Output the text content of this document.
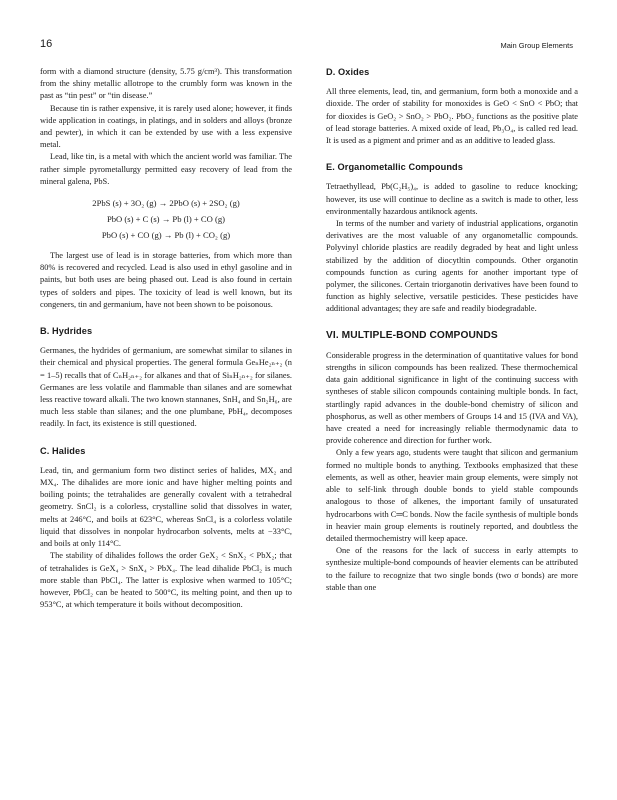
16	Main Group Elements

form with a diamond structure (density, 5.75 g/cm³). This transformation from the shiny metallic allotrope to the crumbly form was known in the past as “tin pest” or “tin disease.”

Because tin is rather expensive, it is rarely used alone; however, it finds wide application in coatings, in platings, and in solders and alloys (bronze and pewter), in which it can be extended by use with a less expensive metal.

Lead, like tin, is a metal with which the ancient world was familiar. The rather simple pyrometallurgy permitted easy recovery of lead from the mineral galena, PbS.

2PbS (s) + 3O₂ (g) → 2PbO (s) + 2SO₂ (g)

PbO (s) + C (s) → Pb (l) + CO (g)

PbO (s) + CO (g) → Pb (l) + CO₂ (g)

The largest use of lead is in storage batteries, from which more than 80% is recovered and recycled. Lead is also used in ethyl gasoline and in paints, but both uses are being phased out. Lead is also found in certain types of solders and pipes. The toxicity of lead is well known, but its congeners, tin and germanium, have not been shown to be poisonous.

B. Hydrides

Germanes, the hydrides of germanium, are somewhat similar to silanes in their chemical and physical properties. The general formula GeₙHe₂ₙ₊₂ (n = 1–5) recalls that of CₙH₂ₙ₊₂ for alkanes and that of SiₙH₂ₙ₊₂ for silanes. Germanes are less volatile and flammable than silanes and are somewhat less reactive toward alkali. The two known stannanes, SnH₄ and Sn₂H₆, are much less stable than silanes; and the one plumbane, PbH₄, decomposes readily. In fact, its existence is still questioned.

C. Halides

Lead, tin, and germanium form two distinct series of halides, MX₂ and MX₄. The dihalides are more ionic and have higher melting points and boiling points; the tetrahalides are generally covalent with a tetrahedral geometry. SnCl₂ is a colorless, crystalline solid that dissolves in water, melts at 246°C, and boils at 623°C, whereas SnCl₄ is a colorless volatile liquid that dissolves in nonpolar hydrocarbon solvents, melts at −33°C, and boils at only 114°C.

The stability of dihalides follows the order GeX₂ < SnX₂ < PbX₂; that of tetrahalides is GeX₄ > SnX₄ > PbX₄. The lead dihalide PbCl₂ is much more stable than PbCl₄. The latter is explosive when warmed to 105°C; however, PbCl₂ can be heated to 500°C, its melting point, and then up to 953°C, at which temperature it boils without decomposition.

D. Oxides

All three elements, lead, tin, and germanium, form both a monoxide and a dioxide. The order of stability for monoxides is GeO < SnO < PbO; that for dioxides is GeO₂ > SnO₂ > PbO₂. PbO₂ functions as the positive plate of lead storage batteries. A mixed oxide of lead, Pb₃O₄, is called red lead. It is used as a pigment and primer and as an additive to leaded glass.

E. Organometallic Compounds

Tetraethyllead, Pb(C₂H₅)₄, is added to gasoline to reduce knocking; however, its use will continue to decline as a switch is made to other, less environmentally hazardous antiknock agents.

In terms of the number and variety of industrial applications, organotin derivatives are the most valuable of any organometallic compounds. Polyvinyl chloride plastics are readily degraded by heat and light unless stabilized by the addition of diocytltin compounds. Other organotin compounds function as curing agents for another important type of polymer, the silicones. Certain triorganotin derivatives have been found to function as highly selective, versatile pesticides. These pesticides have additional advantages; they are safe and readily biodegradable.

VI. MULTIPLE-BOND COMPOUNDS

Considerable progress in the determination of quantitative values for bond strengths in silicon compounds has been realized. These thermochemical data gain additional significance in light of the continuing success with syntheses of stable silicon compounds containing multiple bonds. In fact, startlingly rapid advances in the double-bond chemistry of silicon and phosphorus, as well as other members of Groups 14 and 15 (IVA and VA), have created a need for increasingly reliable thermodynamic data to provide coherence and direction for further work.

Only a few years ago, students were taught that silicon and germanium formed no multiple bonds to anything. Textbooks emphasized that these elements, as well as other, heavier main group elements, were simply not able to self-link through double bonds to yield stable compounds analogous to those of alkenes, the important family of unsaturated hydrocarbons with C═C bonds. Now the facile synthesis of multiple bonds in heavier main group elements is routinely reported, and doubtless the detailed thermochemistry will keep apace.

One of the reasons for the lack of success in early attempts to synthesize multiple-bond compounds of heavier elements can be attributed to the failure to recognize that two single bonds (two σ bonds) are more stable than one
